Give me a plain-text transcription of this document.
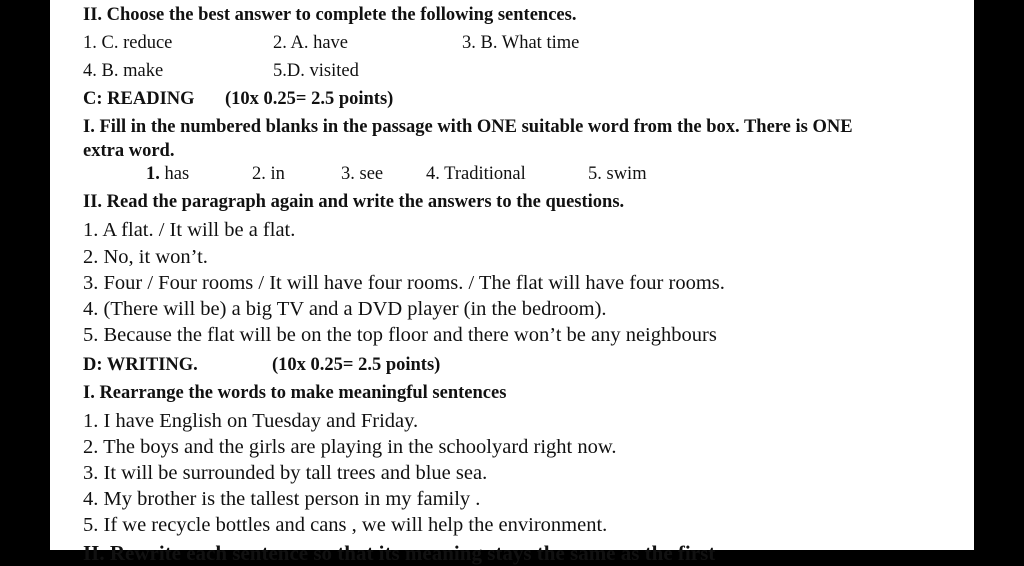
II. Choose the best answer to complete the following sentences.
1. C. reduce	2. A. have	3. B. What time
4. B. make	5.D. visited
C: READING (10x 0.25= 2.5 points)
I. Fill in the numbered blanks in the passage with ONE suitable word from the box. There is ONE
extra word.
1. has	2. in	3. see 4. Traditional	5. swim
II. Read the paragraph again and write the answers to the questions.
1. A flat. / It will be a flat.
2. No, it won’t.
3. Four / Four rooms / It will have four rooms. / The flat will have four rooms.
4. (There will be) a big TV and a DVD player (in the bedroom).
5. Because the flat will be on the top floor and there won’t be any neighbours
D: WRITING.	(10x 0.25= 2.5 points)
I. Rearrange the words to make meaningful sentences
1. I have English on Tuesday and Friday.
2. The boys and the girls are playing in the schoolyard right now.
3. It will be surrounded by tall trees and blue sea.
4. My brother is the tallest person in my family .
5. If we recycle bottles and cans , we will help the environment.
II. Rewrite each sentence so that its meaning stays the same as the first
